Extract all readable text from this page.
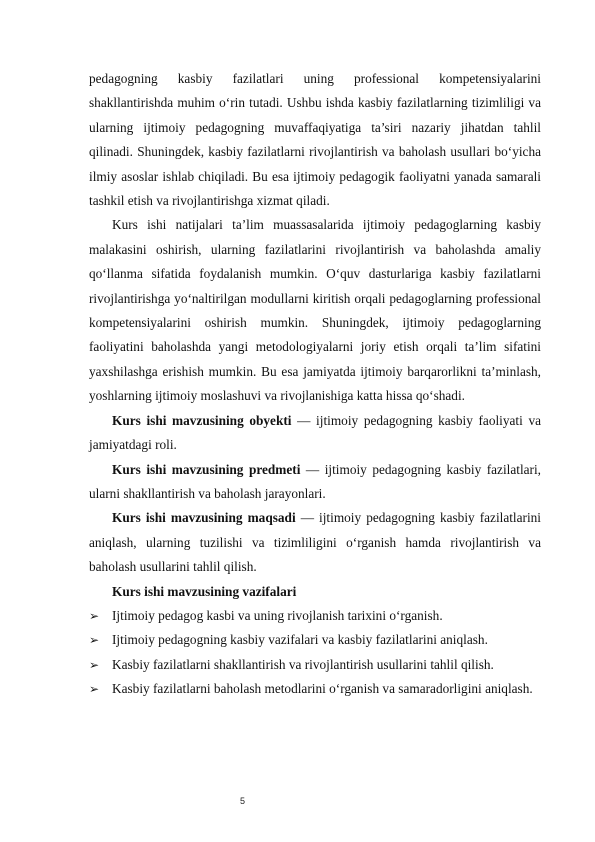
pedagogning kasbiy fazilatlari uning professional kompetensiyalarini shakllantirishda muhim o‘rin tutadi. Ushbu ishda kasbiy fazilatlarning tizimliligi va ularning ijtimoiy pedagogning muvaffaqiyatiga ta’siri nazariy jihatdan tahlil qilinadi. Shuningdek, kasbiy fazilatlarni rivojlantirish va baholash usullari bo‘yicha ilmiy asoslar ishlab chiqiladi. Bu esa ijtimoiy pedagogik faoliyatni yanada samarali tashkil etish va rivojlantirishga xizmat qiladi.

Kurs ishi natijalari ta’lim muassasalarida ijtimoiy pedagoglarning kasbiy malakasini oshirish, ularning fazilatlarini rivojlantirish va baholashda amaliy qo‘llanma sifatida foydalanish mumkin. O‘quv dasturlariga kasbiy fazilatlarni rivojlantirishga yo‘naltirilgan modullarni kiritish orqali pedagoglarning professional kompetensiyalarini oshirish mumkin. Shuningdek, ijtimoiy pedagoglarning faoliyatini baholashda yangi metodologiyalarni joriy etish orqali ta’lim sifatini yaxshilashga erishish mumkin. Bu esa jamiyatda ijtimoiy barqarorlikni ta’minlash, yoshlarning ijtimoiy moslashuvi va rivojlanishiga katta hissa qo‘shadi.

Kurs ishi mavzusining obyekti — ijtimoiy pedagogning kasbiy faoliyati va jamiyatdagi roli.

Kurs ishi mavzusining predmeti — ijtimoiy pedagogning kasbiy fazilatlari, ularni shakllantirish va baholash jarayonlari.

Kurs ishi mavzusining maqsadi — ijtimoiy pedagogning kasbiy fazilatlarini aniqlash, ularning tuzilishi va tizimliligini o‘rganish hamda rivojlantirish va baholash usullarini tahlil qilish.

Kurs ishi mavzusining vazifalari

➢ Ijtimoiy pedagog kasbi va uning rivojlanish tarixini o‘rganish.
➢ Ijtimoiy pedagogning kasbiy vazifalari va kasbiy fazilatlarini aniqlash.
➢ Kasbiy fazilatlarni shakllantirish va rivojlantirish usullarini tahlil qilish.
➢ Kasbiy fazilatlarni baholash metodlarini o‘rganish va samaradorligini aniqlash.
5
